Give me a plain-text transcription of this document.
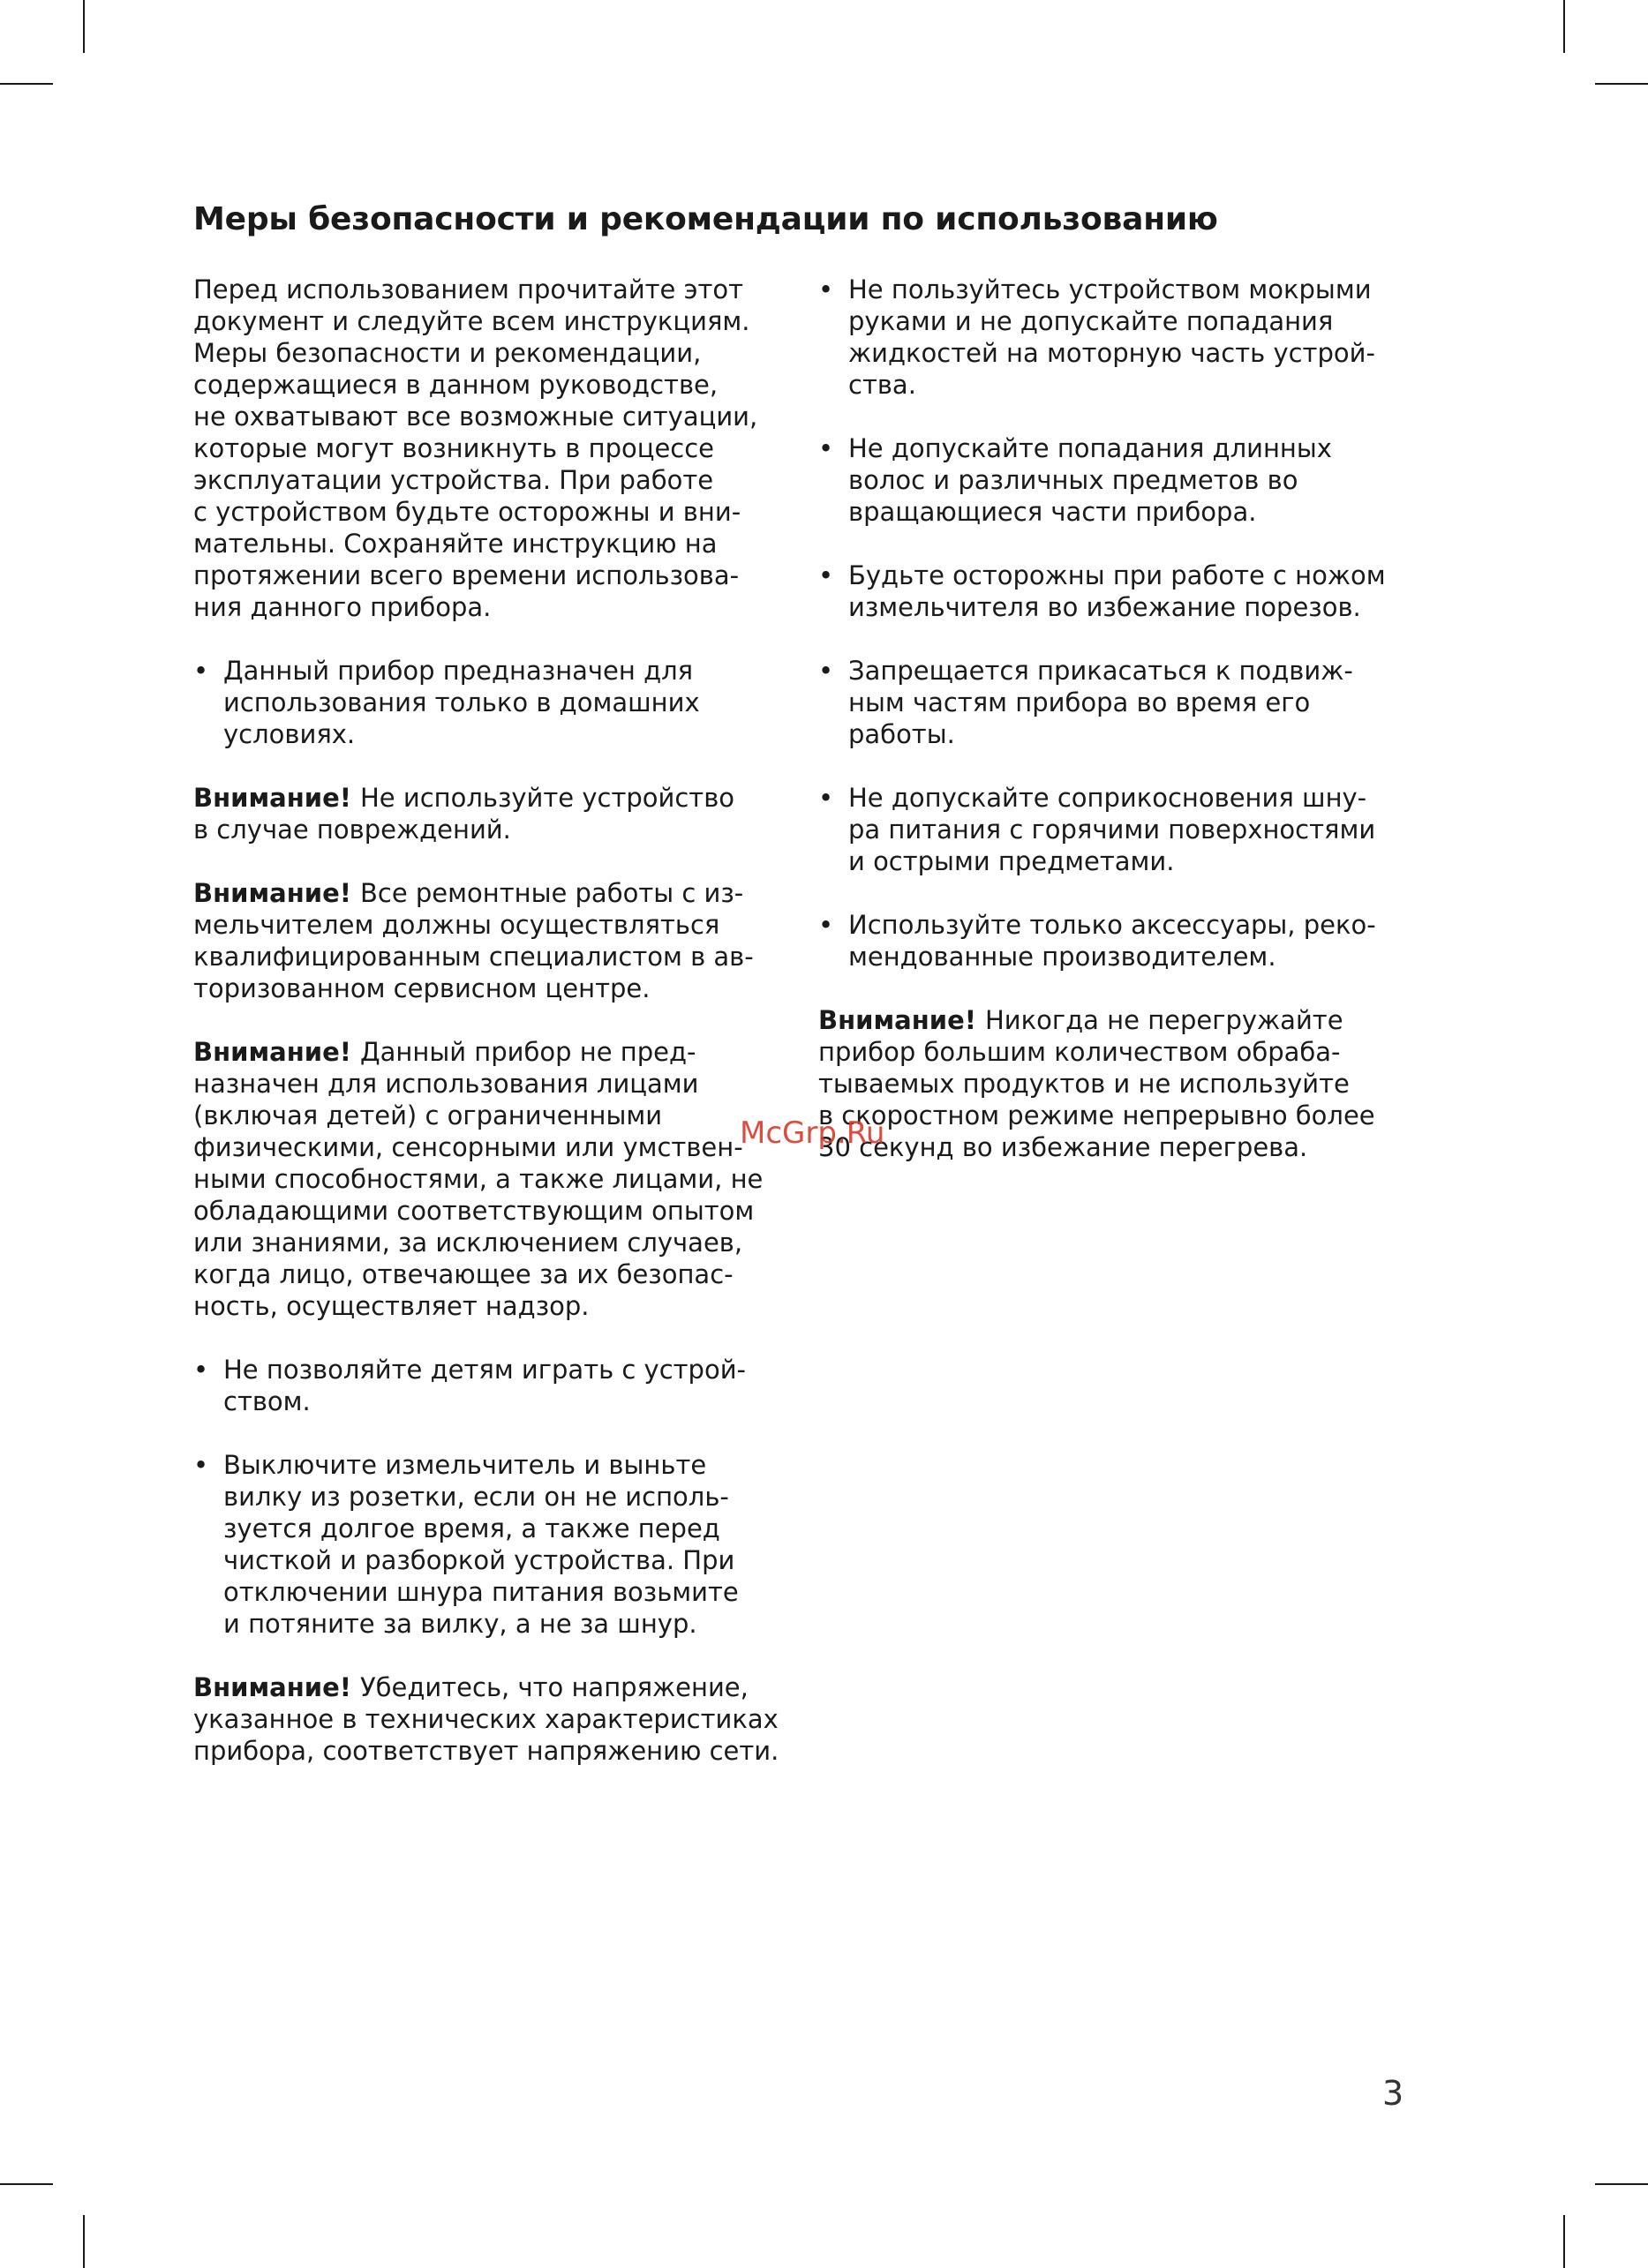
Меры безопасности и рекомендации по использованию

Перед использованием прочитайте этот
документ и следуйте всем инструкциям.
Меры безопасности и рекомендации,
содержащиеся в данном руководстве,
не охватывают все возможные ситуации,
которые могут возникнуть в процессе
эксплуатации устройства. При работе
с устройством будьте осторожны и вни-
мательны. Сохраняйте инструкцию на
протяжении всего времени использова-
ния данного прибора.

• Данный прибор предназначен для
использования только в домашних
условиях.

Внимание! Не используйте устройство
в случае повреждений.

Внимание! Все ремонтные работы с из-
мельчителем должны осуществляться
квалифицированным специалистом в ав-
торизованном сервисном центре.

Внимание! Данный прибор не пред-
назначен для использования лицами
(включая детей) с ограниченными
физическими, сенсорными или умствен-
ными способностями, а также лицами, не
обладающими соответствующим опытом
или знаниями, за исключением случаев,
когда лицо, отвечающее за их безопас-
ность, осуществляет надзор.

• Не позволяйте детям играть с устрой-
ством.

• Выключите измельчитель и выньте
вилку из розетки, если он не исполь-
зуется долгое время, а также перед
чисткой и разборкой устройства. При
отключении шнура питания возьмите
и потяните за вилку, а не за шнур.

Внимание! Убедитесь, что напряжение,
указанное в технических характеристиках
прибора, соответствует напряжению сети.

• Не пользуйтесь устройством мокрыми
руками и не допускайте попадания
жидкостей на моторную часть устрой-
ства.

• Не допускайте попадания длинных
волос и различных предметов во
вращающиеся части прибора.

• Будьте осторожны при работе с ножом
измельчителя во избежание порезов.

• Запрещается прикасаться к подвиж-
ным частям прибора во время его
работы.

• Не допускайте соприкосновения шну-
ра питания с горячими поверхностями
и острыми предметами.

• Используйте только аксессуары, реко-
мендованные производителем.

Внимание! Никогда не перегружайте
прибор большим количеством обраба-
тываемых продуктов и не используйте
в скоростном режиме непрерывно более
30 секунд во избежание перегрева.

McGrp.Ru
3
